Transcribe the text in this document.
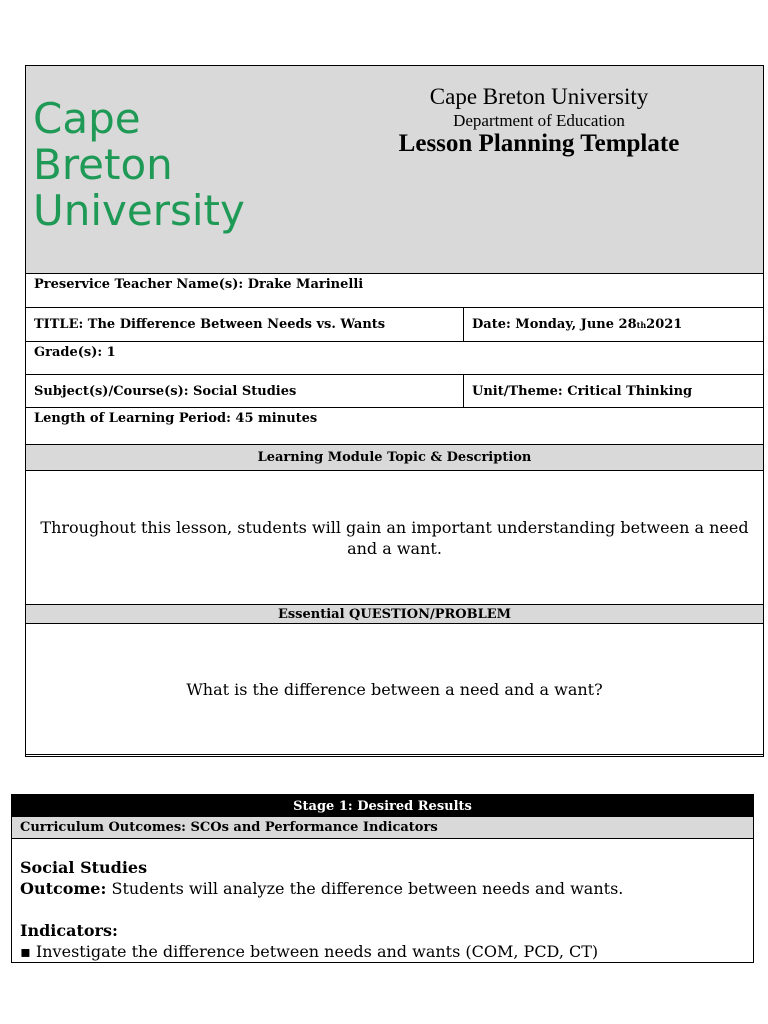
Cape
Breton
University
Cape Breton University
Department of Education
Lesson Planning Template
Preservice Teacher Name(s): Drake Marinelli
TITLE: The Difference Between Needs vs. Wants	Date: Monday, June 28 th 2021
Grade(s): 1
Subject(s)/Course(s): Social Studies	Unit/Theme: Critical Thinking
Length of Learning Period: 45 minutes
Learning Module Topic & Description
Throughout this lesson, students will gain an important understanding between a need and a want.
Essential QUESTION/PROBLEM
What is the difference between a need and a want?
Stage 1: Desired Results
Curriculum Outcomes: SCOs and Performance Indicators
Social Studies
Outcome: Students will analyze the difference between needs and wants.
Indicators:
▪ Investigate the difference between needs and wants (COM, PCD, CT)
